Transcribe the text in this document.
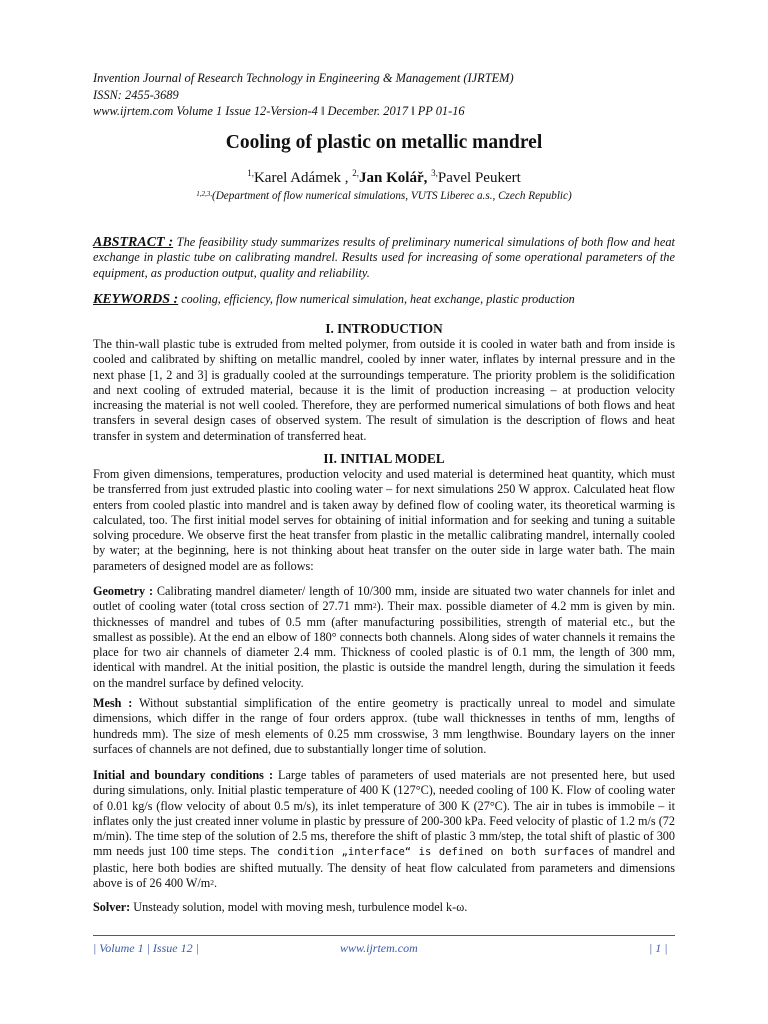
Invention Journal of Research Technology in Engineering & Management (IJRTEM)
ISSN: 2455-3689
www.ijrtem.com Volume 1 Issue 12-Version-4 ǁ December. 2017 ǁ PP 01-16
Cooling of plastic on metallic mandrel
$^{1,}$Karel Adámek , $^{2,}$Jan Kolář, $^{3,}$Pavel Peukert
$^{1,2,3,}$(Department of flow numerical simulations, VUTS Liberec a.s., Czech Republic)
ABSTRACT : The feasibility study summarizes results of preliminary numerical simulations of both flow and heat exchange in plastic tube on calibrating mandrel. Results used for increasing of some operational parameters of the equipment, as production output, quality and reliability.
KEYWORDS : cooling, efficiency, flow numerical simulation, heat exchange, plastic production
I. INTRODUCTION
The thin-wall plastic tube is extruded from melted polymer, from outside it is cooled in water bath and from inside is cooled and calibrated by shifting on metallic mandrel, cooled by inner water, inflates by internal pressure and in the next phase [1, 2 and 3] is gradually cooled at the surroundings temperature. The priority problem is the solidification and next cooling of extruded material, because it is the limit of production increasing – at production velocity increasing the material is not well cooled. Therefore, they are performed numerical simulations of both flows and heat transfers in several design cases of observed system. The result of simulation is the description of flows and heat transfer in system and determination of transferred heat.
II. INITIAL MODEL
From given dimensions, temperatures, production velocity and used material is determined heat quantity, which must be transferred from just extruded plastic into cooling water – for next simulations 250 W approx. Calculated heat flow enters from cooled plastic into mandrel and is taken away by defined flow of cooling water, its theoretical warming is calculated, too. The first initial model serves for obtaining of initial information and for seeking and tuning a suitable solving procedure. We observe first the heat transfer from plastic in the metallic calibrating mandrel, internally cooled by water; at the beginning, here is not thinking about heat transfer on the outer side in large water bath. The main parameters of designed model are as follows:
Geometry : Calibrating mandrel diameter/ length of 10/300 mm, inside are situated two water channels for inlet and outlet of cooling water (total cross section of 27.71 $mm^2$). Their max. possible diameter of 4.2 mm is given by min. thicknesses of mandrel and tubes of 0.5 mm (after manufacturing possibilities, strength of material etc., but the smallest as possible). At the end an elbow of 180° connects both channels. Along sides of water channels it remains the place for two air channels of diameter 2.4 mm. Thickness of cooled plastic is of 0.1 mm, the length of 300 mm, identical with mandrel. At the initial position, the plastic is outside the mandrel length, during the simulation it feeds on the mandrel surface by defined velocity.
Mesh : Without substantial simplification of the entire geometry is practically unreal to model and simulate dimensions, which differ in the range of four orders approx. (tube wall thicknesses in tenths of mm, lengths of hundreds mm). The size of mesh elements of 0.25 mm crosswise, 3 mm lengthwise. Boundary layers on the inner surfaces of channels are not defined, due to substantially longer time of solution.
Initial and boundary conditions : Large tables of parameters of used materials are not presented here, but used during simulations, only. Initial plastic temperature of 400 K (127°C), needed cooling of 100 K. Flow of cooling water of 0.01 kg/s (flow velocity of about 0.5 m/s), its inlet temperature of 300 K (27°C). The air in tubes is immobile – it inflates only the just created inner volume in plastic by pressure of 200-300 kPa. Feed velocity of plastic of 1.2 m/s (72 m/min). The time step of the solution of 2.5 ms, therefore the shift of plastic 3 mm/step, the total shift of plastic of 300 mm needs just 100 time steps. The condition „interface“ is defined on both surfaces of mandrel and plastic, here both bodies are shifted mutually. The density of heat flow calculated from parameters and dimensions above is of 26 400 $W/m^2$.
Solver: Unsteady solution, model with moving mesh, turbulence model k-ω.
| Volume 1 | Issue 12 |	www.ijrtem.com	| 1 |
